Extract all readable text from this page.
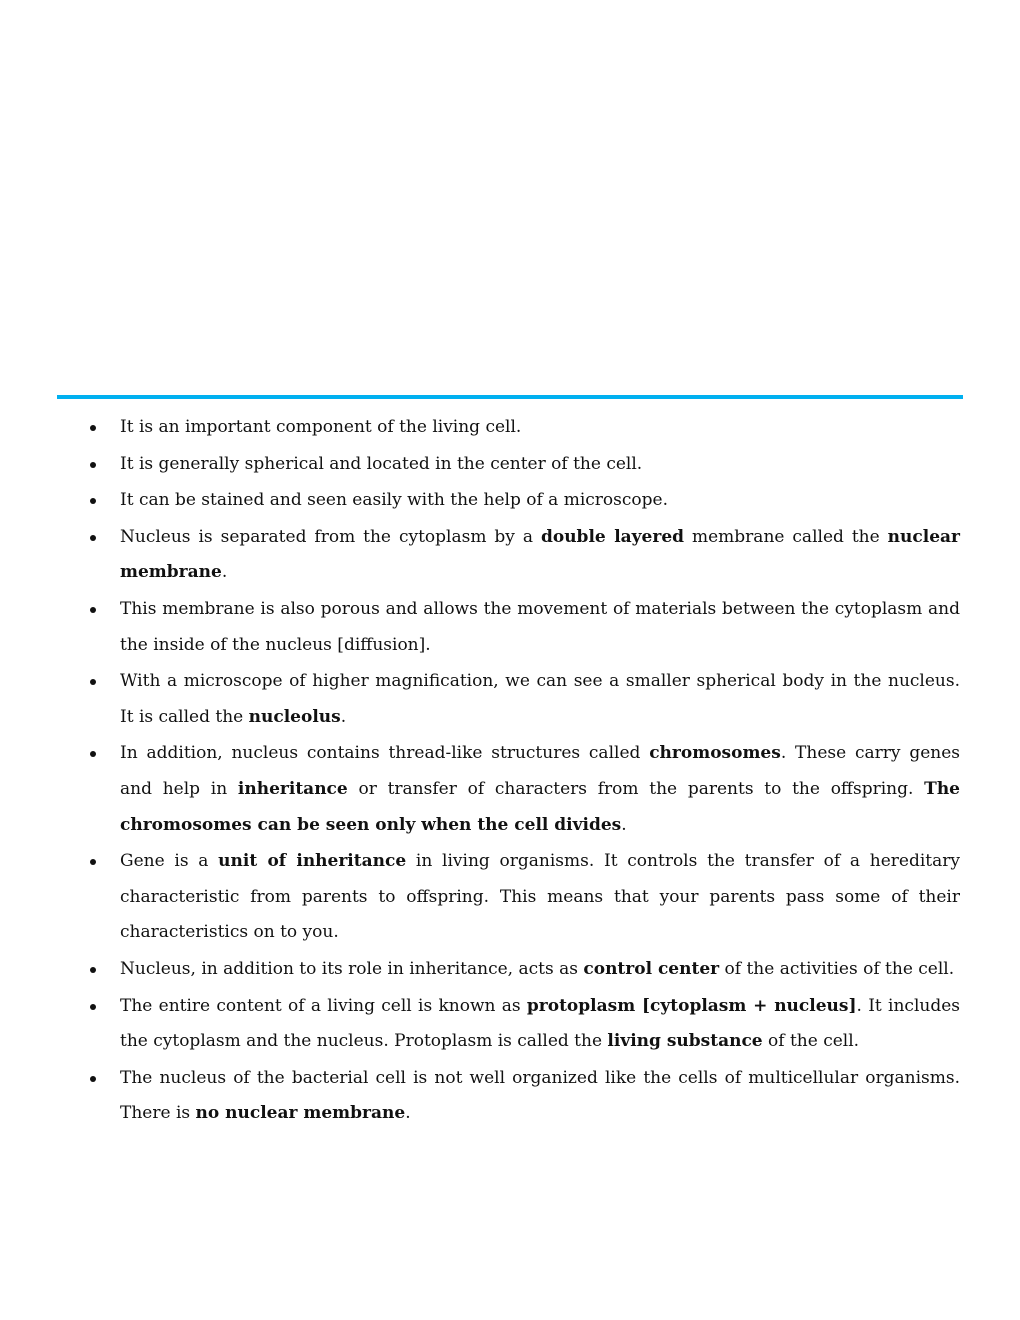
It is an important component of the living cell.
It is generally spherical and located in the center of the cell.
It can be stained and seen easily with the help of a microscope.
Nucleus is separated from the cytoplasm by a double layered membrane called the nuclear membrane.
This membrane is also porous and allows the movement of materials between the cytoplasm and the inside of the nucleus [diffusion].
With a microscope of higher magnification, we can see a smaller spherical body in the nucleus. It is called the nucleolus.
In addition, nucleus contains thread-like structures called chromosomes. These carry genes and help in inheritance or transfer of characters from the parents to the offspring. The chromosomes can be seen only when the cell divides.
Gene is a unit of inheritance in living organisms. It controls the transfer of a hereditary characteristic from parents to offspring. This means that your parents pass some of their characteristics on to you.
Nucleus, in addition to its role in inheritance, acts as control center of the activities of the cell.
The entire content of a living cell is known as protoplasm [cytoplasm + nucleus]. It includes the cytoplasm and the nucleus. Protoplasm is called the living substance of the cell.
The nucleus of the bacterial cell is not well organized like the cells of multicellular organisms. There is no nuclear membrane.
